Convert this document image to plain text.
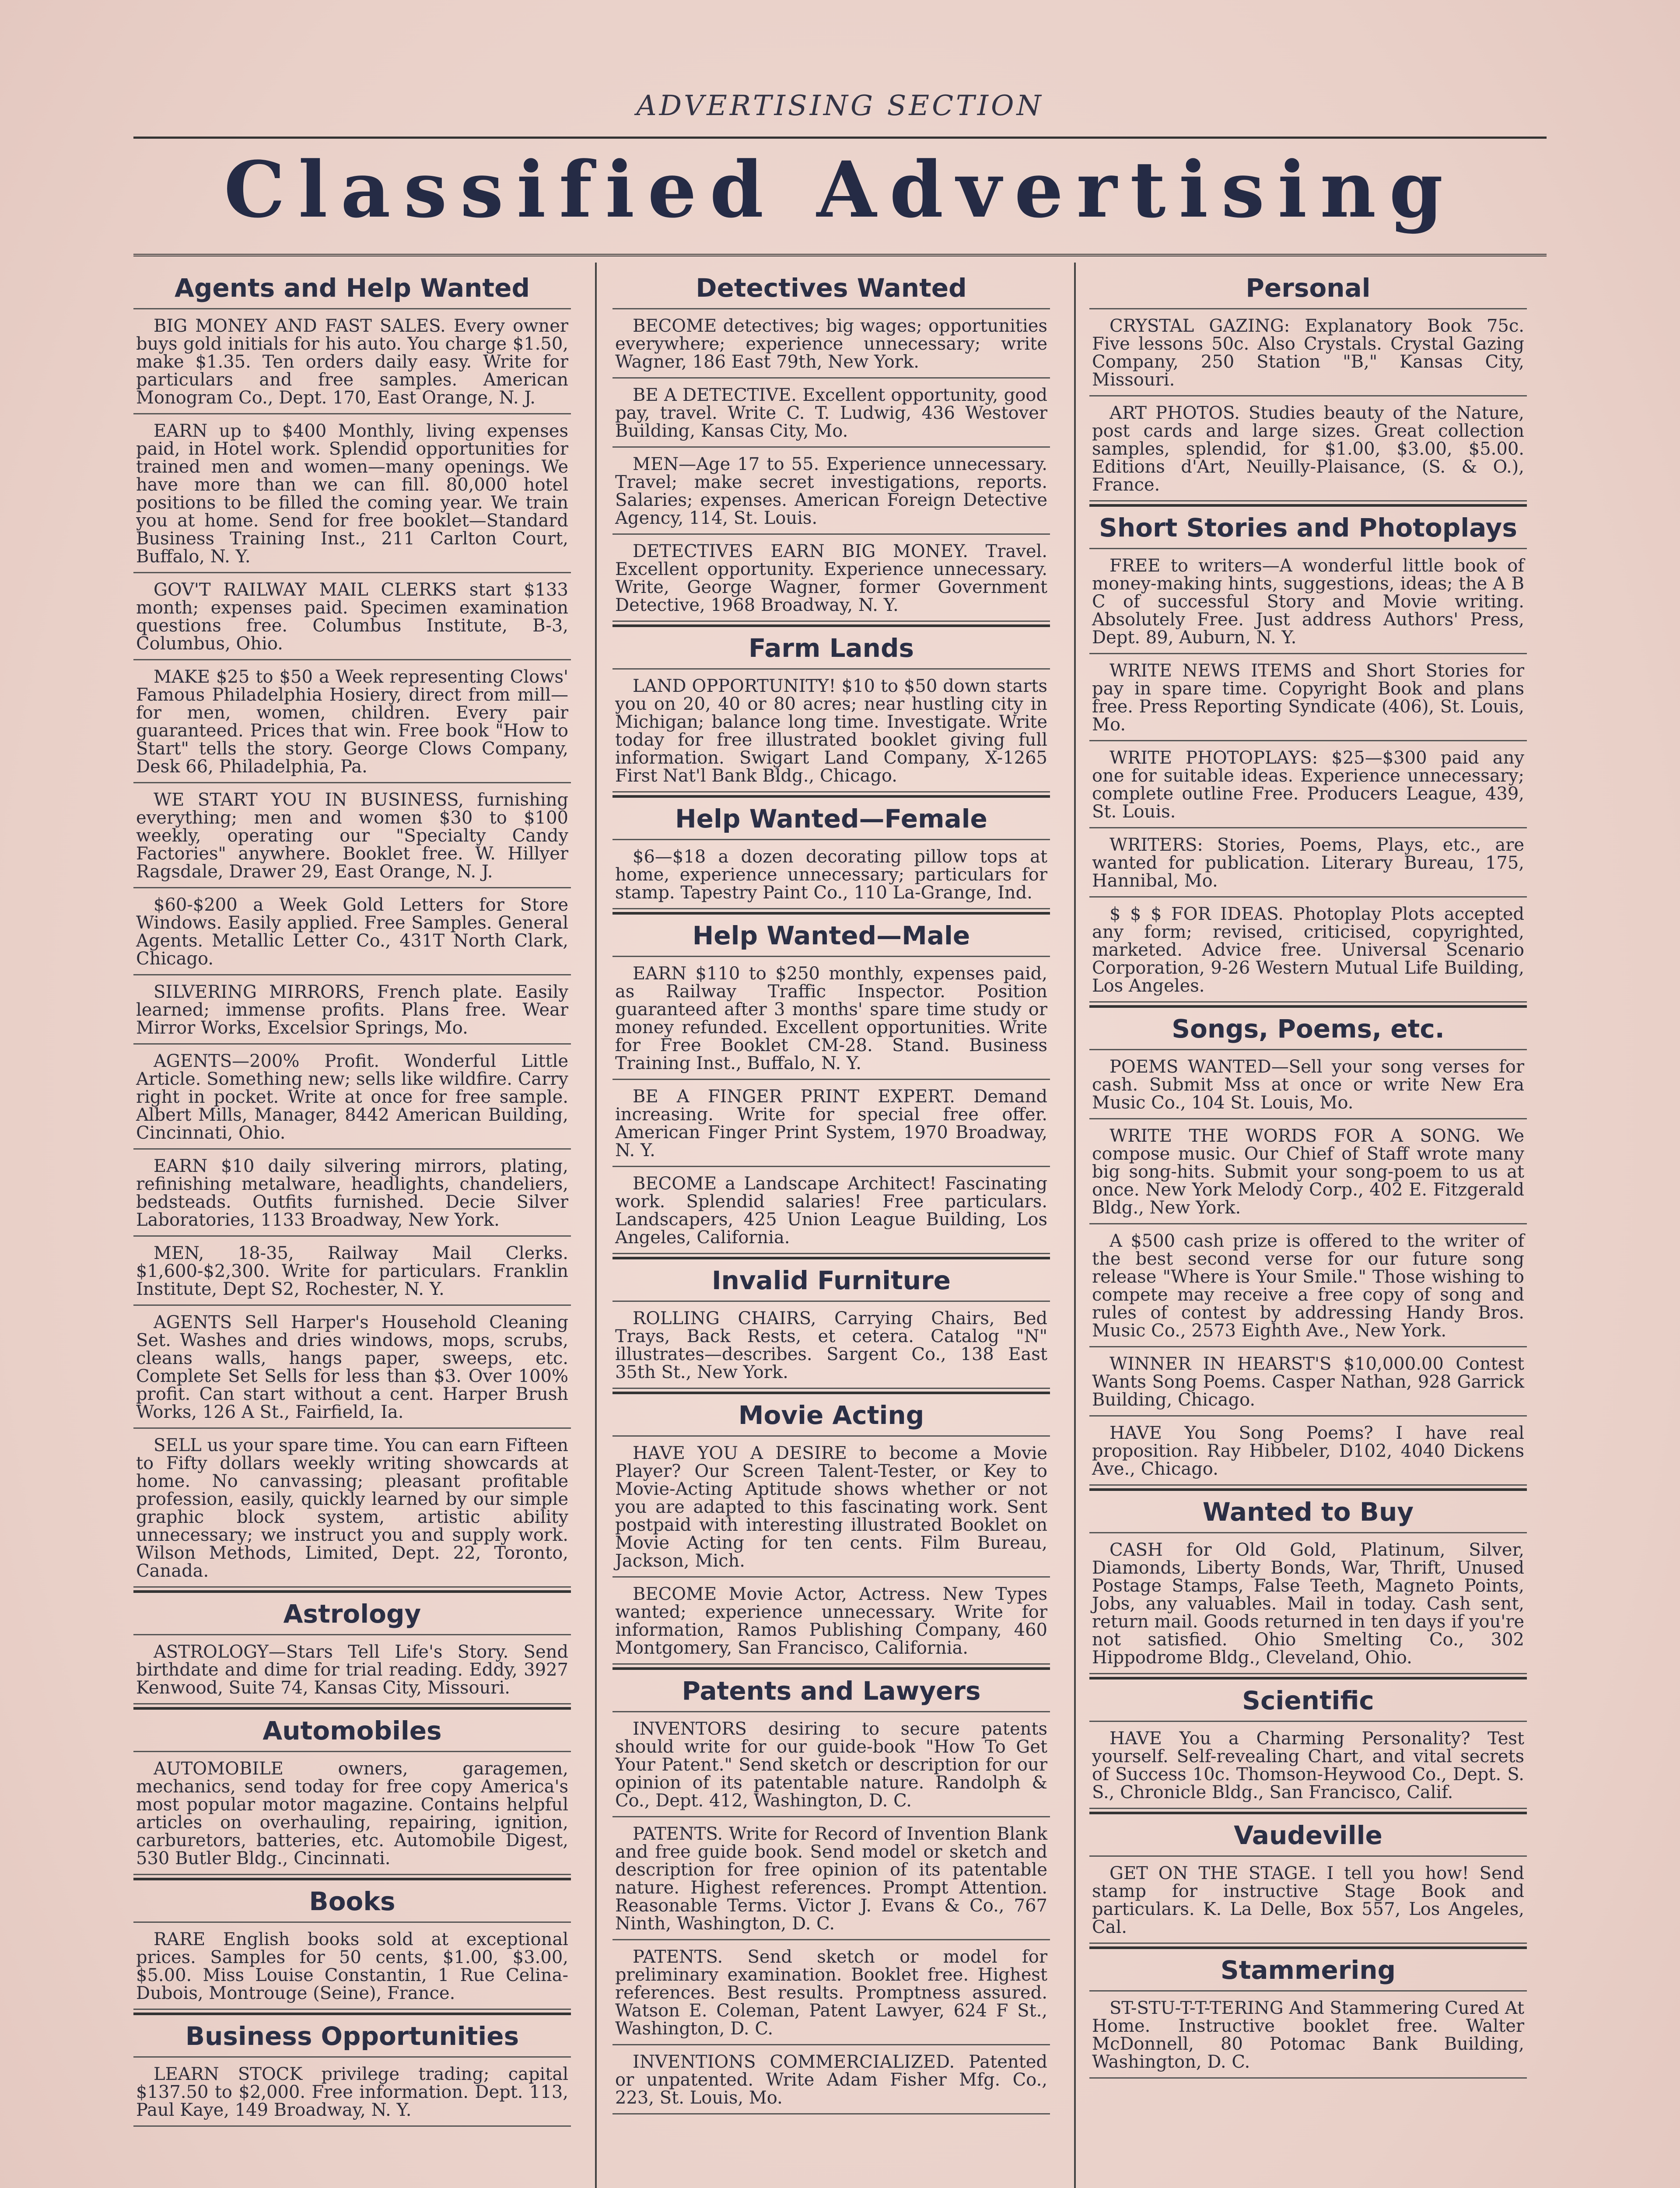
ADVERTISING SECTION
Classified Advertising
Agents and Help Wanted

BIG MONEY AND FAST SALES. Every owner buys gold initials for his auto. You charge $1.50, make $1.35. Ten orders daily easy. Write for particulars and free samples. American Monogram Co., Dept. 170, East Orange, N. J.

EARN up to $400 Monthly, living expenses paid, in Hotel work. Splendid opportunities for trained men and women—many openings. We have more than we can fill. 80,000 hotel positions to be filled the coming year. We train you at home. Send for free booklet—Standard Business Training Inst., 211 Carlton Court, Buffalo, N. Y.

GOV'T RAILWAY MAIL CLERKS start $133 month; expenses paid. Specimen examination questions free. Columbus Institute, B-3, Columbus, Ohio.

MAKE $25 to $50 a Week representing Clows' Famous Philadelphia Hosiery, direct from mill—for men, women, children. Every pair guaranteed. Prices that win. Free book "How to Start" tells the story. George Clows Company, Desk 66, Philadelphia, Pa.

WE START YOU IN BUSINESS, furnishing everything; men and women $30 to $100 weekly, operating our "Specialty Candy Factories" anywhere. Booklet free. W. Hillyer Ragsdale, Drawer 29, East Orange, N. J.

$60-$200 a Week Gold Letters for Store Windows. Easily applied. Free Samples. General Agents. Metallic Letter Co., 431T North Clark, Chicago.

SILVERING MIRRORS, French plate. Easily learned; immense profits. Plans free. Wear Mirror Works, Excelsior Springs, Mo.

AGENTS—200% Profit. Wonderful Little Article. Something new; sells like wildfire. Carry right in pocket. Write at once for free sample. Albert Mills, Manager, 8442 American Building, Cincinnati, Ohio.

EARN $10 daily silvering mirrors, plating, refinishing metalware, headlights, chandeliers, bedsteads. Outfits furnished. Decie Silver Laboratories, 1133 Broadway, New York.

MEN, 18-35, Railway Mail Clerks. $1,600-$2,300. Write for particulars. Franklin Institute, Dept S2, Rochester, N. Y.

AGENTS Sell Harper's Household Cleaning Set. Washes and dries windows, mops, scrubs, cleans walls, hangs paper, sweeps, etc. Complete Set Sells for less than $3. Over 100% profit. Can start without a cent. Harper Brush Works, 126 A St., Fairfield, Ia.

SELL us your spare time. You can earn Fifteen to Fifty dollars weekly writing showcards at home. No canvassing; pleasant profitable profession, easily, quickly learned by our simple graphic block system, artistic ability unnecessary; we instruct you and supply work. Wilson Methods, Limited, Dept. 22, Toronto, Canada.

Astrology

ASTROLOGY—Stars Tell Life's Story. Send birthdate and dime for trial reading. Eddy, 3927 Kenwood, Suite 74, Kansas City, Missouri.

Automobiles

AUTOMOBILE owners, garagemen, mechanics, send today for free copy America's most popular motor magazine. Contains helpful articles on overhauling, repairing, ignition, carburetors, batteries, etc. Automobile Digest, 530 Butler Bldg., Cincinnati.

Books

RARE English books sold at exceptional prices. Samples for 50 cents, $1.00, $3.00, $5.00. Miss Louise Constantin, 1 Rue Celina-Dubois, Montrouge (Seine), France.

Business Opportunities

LEARN STOCK privilege trading; capital $137.50 to $2,000. Free information. Dept. 113, Paul Kaye, 149 Broadway, N. Y.

Detectives Wanted

BECOME detectives; big wages; opportunities everywhere; experience unnecessary; write Wagner, 186 East 79th, New York.

BE A DETECTIVE. Excellent opportunity, good pay, travel. Write C. T. Ludwig, 436 Westover Building, Kansas City, Mo.

MEN—Age 17 to 55. Experience unnecessary. Travel; make secret investigations, reports. Salaries; expenses. American Foreign Detective Agency, 114, St. Louis.

DETECTIVES EARN BIG MONEY. Travel. Excellent opportunity. Experience unnecessary. Write, George Wagner, former Government Detective, 1968 Broadway, N. Y.

Farm Lands

LAND OPPORTUNITY! $10 to $50 down starts you on 20, 40 or 80 acres; near hustling city in Michigan; balance long time. Investigate. Write today for free illustrated booklet giving full information. Swigart Land Company, X-1265 First Nat'l Bank Bldg., Chicago.

Help Wanted—Female

$6—$18 a dozen decorating pillow tops at home, experience unnecessary; particulars for stamp. Tapestry Paint Co., 110 La-Grange, Ind.

Help Wanted—Male

EARN $110 to $250 monthly, expenses paid, as Railway Traffic Inspector. Position guaranteed after 3 months' spare time study or money refunded. Excellent opportunities. Write for Free Booklet CM-28. Stand. Business Training Inst., Buffalo, N. Y.

BE A FINGER PRINT EXPERT. Demand increasing. Write for special free offer. American Finger Print System, 1970 Broadway, N. Y.

BECOME a Landscape Architect! Fascinating work. Splendid salaries! Free particulars. Landscapers, 425 Union League Building, Los Angeles, California.

Invalid Furniture

ROLLING CHAIRS, Carrying Chairs, Bed Trays, Back Rests, et cetera. Catalog "N" illustrates—describes. Sargent Co., 138 East 35th St., New York.

Movie Acting

HAVE YOU A DESIRE to become a Movie Player? Our Screen Talent-Tester, or Key to Movie-Acting Aptitude shows whether or not you are adapted to this fascinating work. Sent postpaid with interesting illustrated Booklet on Movie Acting for ten cents. Film Bureau, Jackson, Mich.

BECOME Movie Actor, Actress. New Types wanted; experience unnecessary. Write for information, Ramos Publishing Company, 460 Montgomery, San Francisco, California.

Patents and Lawyers

INVENTORS desiring to secure patents should write for our guide-book "How To Get Your Patent." Send sketch or description for our opinion of its patentable nature. Randolph & Co., Dept. 412, Washington, D. C.

PATENTS. Write for Record of Invention Blank and free guide book. Send model or sketch and description for free opinion of its patentable nature. Highest references. Prompt Attention. Reasonable Terms. Victor J. Evans & Co., 767 Ninth, Washington, D. C.

PATENTS. Send sketch or model for preliminary examination. Booklet free. Highest references. Best results. Promptness assured. Watson E. Coleman, Patent Lawyer, 624 F St., Washington, D. C.

INVENTIONS COMMERCIALIZED. Patented or unpatented. Write Adam Fisher Mfg. Co., 223, St. Louis, Mo.

Personal

CRYSTAL GAZING: Explanatory Book 75c. Five lessons 50c. Also Crystals. Crystal Gazing Company, 250 Station "B," Kansas City, Missouri.

ART PHOTOS. Studies beauty of the Nature, post cards and large sizes. Great collection samples, splendid, for $1.00, $3.00, $5.00. Editions d'Art, Neuilly-Plaisance, (S. & O.), France.

Short Stories and Photoplays

FREE to writers—A wonderful little book of money-making hints, suggestions, ideas; the A B C of successful Story and Movie writing. Absolutely Free. Just address Authors' Press, Dept. 89, Auburn, N. Y.

WRITE NEWS ITEMS and Short Stories for pay in spare time. Copyright Book and plans free. Press Reporting Syndicate (406), St. Louis, Mo.

WRITE PHOTOPLAYS: $25—$300 paid any one for suitable ideas. Experience unnecessary; complete outline Free. Producers League, 439, St. Louis.

WRITERS: Stories, Poems, Plays, etc., are wanted for publication. Literary Bureau, 175, Hannibal, Mo.

$ $ $ FOR IDEAS. Photoplay Plots accepted any form; revised, criticised, copyrighted, marketed. Advice free. Universal Scenario Corporation, 9-26 Western Mutual Life Building, Los Angeles.

Songs, Poems, etc.

POEMS WANTED—Sell your song verses for cash. Submit Mss at once or write New Era Music Co., 104 St. Louis, Mo.

WRITE THE WORDS FOR A SONG. We compose music. Our Chief of Staff wrote many big song-hits. Submit your song-poem to us at once. New York Melody Corp., 402 E. Fitzgerald Bldg., New York.

A $500 cash prize is offered to the writer of the best second verse for our future song release "Where is Your Smile." Those wishing to compete may receive a free copy of song and rules of contest by addressing Handy Bros. Music Co., 2573 Eighth Ave., New York.

WINNER IN HEARST'S $10,000.00 Contest Wants Song Poems. Casper Nathan, 928 Garrick Building, Chicago.

HAVE You Song Poems? I have real proposition. Ray Hibbeler, D102, 4040 Dickens Ave., Chicago.

Wanted to Buy

CASH for Old Gold, Platinum, Silver, Diamonds, Liberty Bonds, War, Thrift, Unused Postage Stamps, False Teeth, Magneto Points, Jobs, any valuables. Mail in today. Cash sent, return mail. Goods returned in ten days if you're not satisfied. Ohio Smelting Co., 302 Hippodrome Bldg., Cleveland, Ohio.

Scientific

HAVE You a Charming Personality? Test yourself. Self-revealing Chart, and vital secrets of Success 10c. Thomson-Heywood Co., Dept. S. S., Chronicle Bldg., San Francisco, Calif.

Vaudeville

GET ON THE STAGE. I tell you how! Send stamp for instructive Stage Book and particulars. K. La Delle, Box 557, Los Angeles, Cal.

Stammering

ST-STU-T-T-TERING And Stammering Cured At Home. Instructive booklet free. Walter McDonnell, 80 Potomac Bank Building, Washington, D. C.
